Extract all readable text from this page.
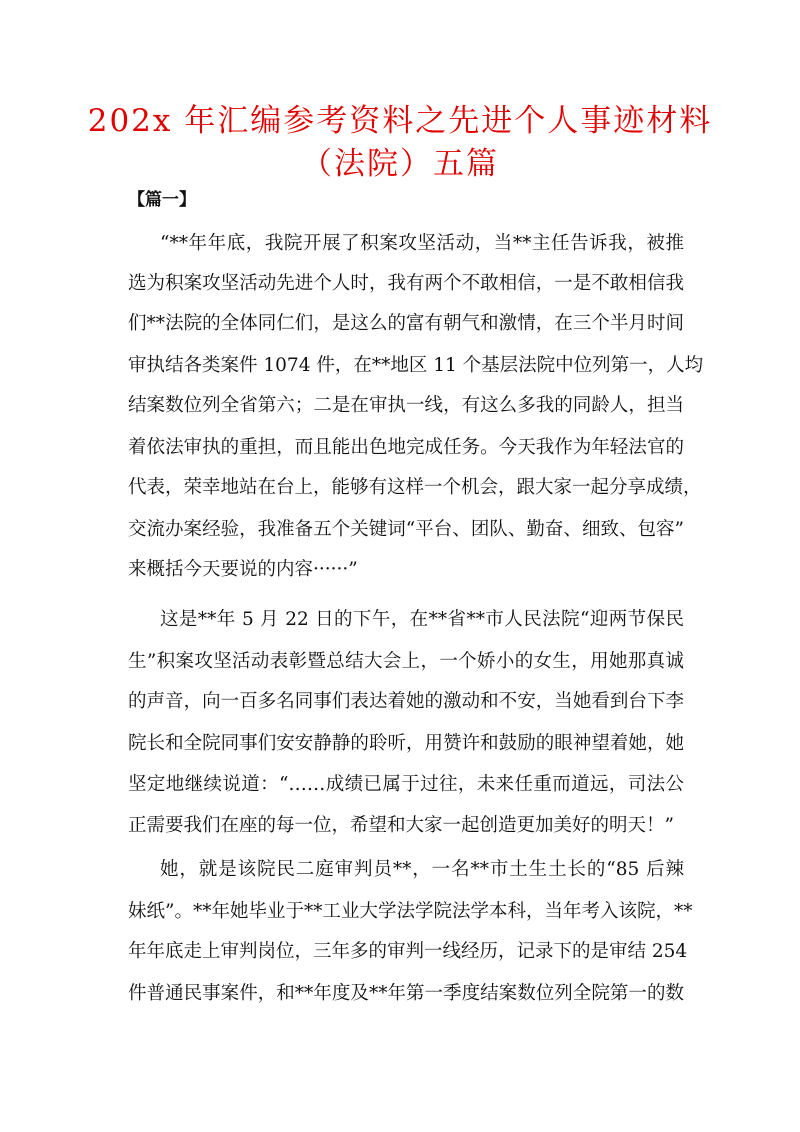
202x 年汇编参考资料之先进个人事迹材料
（法院）五篇
【篇一】
“**年年底，我院开展了积案攻坚活动，当**主任告诉我，被推
选为积案攻坚活动先进个人时，我有两个不敢相信，一是不敢相信我
们**法院的全体同仁们，是这么的富有朝气和激情，在三个半月时间
审执结各类案件 1074 件，在**地区 11 个基层法院中位列第一，人均
结案数位列全省第六；二是在审执一线，有这么多我的同龄人，担当
着依法审执的重担，而且能出色地完成任务。今天我作为年轻法官的
代表，荣幸地站在台上，能够有这样一个机会，跟大家一起分享成绩，
交流办案经验，我准备五个关键词“平台、团队、勤奋、细致、包容”
来概括今天要说的内容······”
这是**年 5 月 22 日的下午，在**省**市人民法院“迎两节保民
生”积案攻坚活动表彰暨总结大会上，一个娇小的女生，用她那真诚
的声音，向一百多名同事们表达着她的激动和不安，当她看到台下李
院长和全院同事们安安静静的聆听，用赞许和鼓励的眼神望着她，她
坚定地继续说道：“……成绩已属于过往，未来任重而道远，司法公
正需要我们在座的每一位，希望和大家一起创造更加美好的明天！”
她，就是该院民二庭审判员**，一名**市土生土长的“85 后辣
妹纸”。**年她毕业于**工业大学法学院法学本科，当年考入该院，**
年年底走上审判岗位，三年多的审判一线经历，记录下的是审结 254
件普通民事案件，和**年度及**年第一季度结案数位列全院第一的数
